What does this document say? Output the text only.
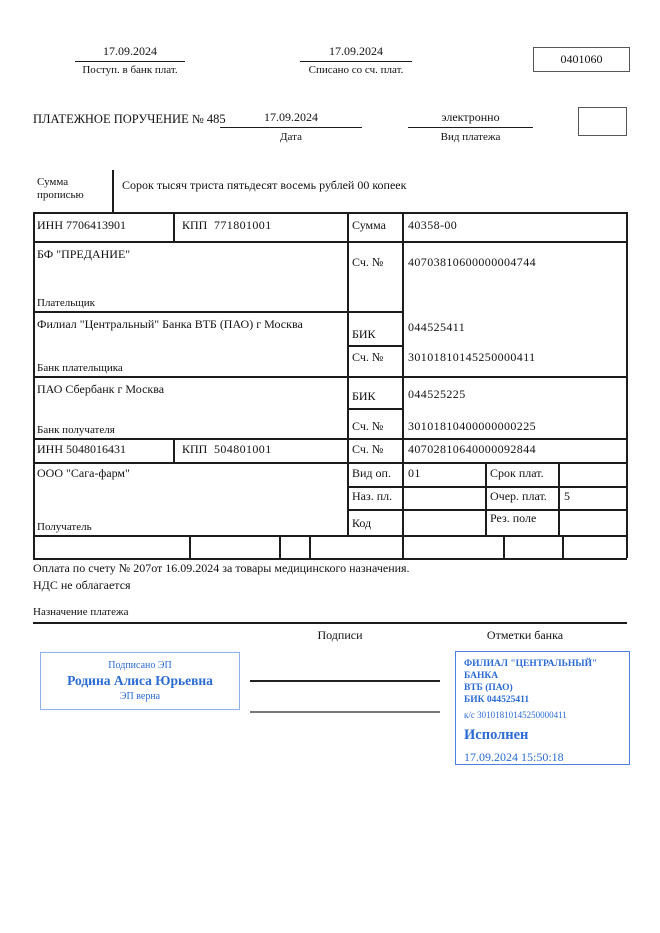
17.09.2024
Поступ. в банк плат.
17.09.2024
Списано со сч. плат.
0401060
ПЛАТЕЖНОЕ ПОРУЧЕНИЕ № 485	17.09.2024
Дата
электронно
Вид платежа
Сумма прописью
Сорок тысяч триста пятьдесят восемь рублей 00 копеек
ИНН 7706413901	КПП 771801001	Сумма 40358-00
БФ "ПРЕДАНИЕ"
Плательщик
Сч. № 40703810600000004744
Филиал "Центральный" Банка ВТБ (ПАО) г Москва
Банк плательщика
БИК	044525411
Сч. № 30101810145250000411
ПАО Сбербанк г Москва
Банк получателя
БИК	044525225
Сч. № 30101810400000000225
ИНН 5048016431	КПП 504801001	Сч. № 40702810640000092844
ООО "Сага-фарм"
Получатель
Вид оп. 01	Срок плат.
Наз. пл.	Очер. плат. 5
Код	Рез. поле
Оплата по счету № 207от 16.09.2024 за товары медицинского назначения.
НДС не облагается
Назначение платежа
Подписи	Отметки банка
Подписано ЭП
Родина Алиса Юрьевна
ЭП верна
ФИЛИАЛ "ЦЕНТРАЛЬНЫЙ" БАНКА
ВТБ (ПАО)
БИК 044525411
к/с 30101810145250000411
Исполнен
17.09.2024 15:50:18
